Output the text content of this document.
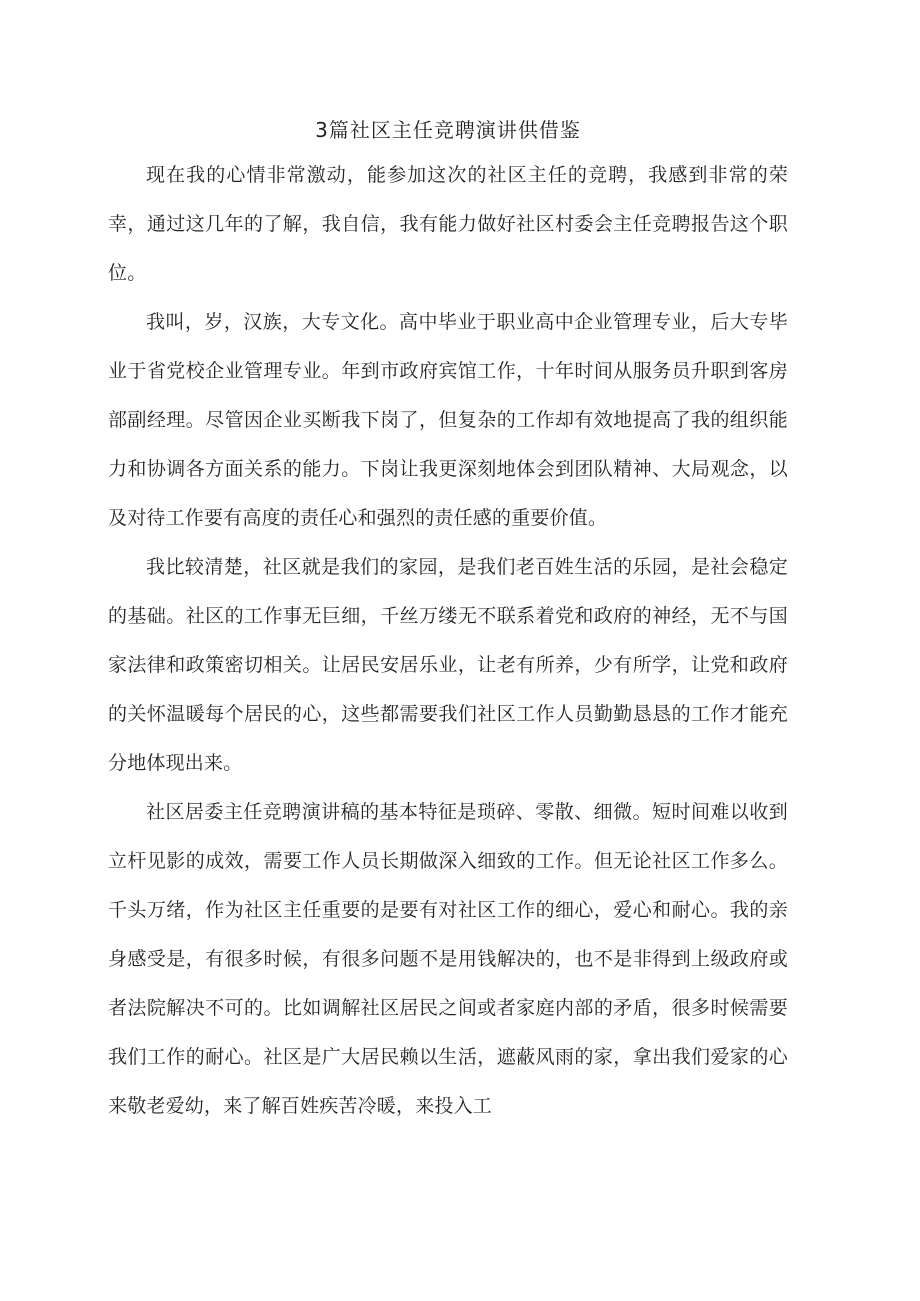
3篇社区主任竞聘演讲供借鉴

现在我的心情非常激动，能参加这次的社区主任的竞聘，我感到非常的荣幸，通过这几年的了解，我自信，我有能力做好社区村委会主任竞聘报告这个职位。

我叫，岁，汉族，大专文化。高中毕业于职业高中企业管理专业，后大专毕业于省党校企业管理专业。年到市政府宾馆工作，十年时间从服务员升职到客房部副经理。尽管因企业买断我下岗了，但复杂的工作却有效地提高了我的组织能力和协调各方面关系的能力。下岗让我更深刻地体会到团队精神、大局观念，以及对待工作要有高度的责任心和强烈的责任感的重要价值。

我比较清楚，社区就是我们的家园，是我们老百姓生活的乐园，是社会稳定的基础。社区的工作事无巨细，千丝万缕无不联系着党和政府的神经，无不与国家法律和政策密切相关。让居民安居乐业，让老有所养，少有所学，让党和政府的关怀温暖每个居民的心，这些都需要我们社区工作人员勤勤恳恳的工作才能充分地体现出来。

社区居委主任竞聘演讲稿的基本特征是琐碎、零散、细微。短时间难以收到立杆见影的成效，需要工作人员长期做深入细致的工作。但无论社区工作多么。千头万绪，作为社区主任重要的是要有对社区工作的细心，爱心和耐心。我的亲身感受是，有很多时候，有很多问题不是用钱解决的，也不是非得到上级政府或者法院解决不可的。比如调解社区居民之间或者家庭内部的矛盾，很多时候需要我们工作的耐心。社区是广大居民赖以生活，遮蔽风雨的家，拿出我们爱家的心来敬老爱幼，来了解百姓疾苦冷暖，来投入工
